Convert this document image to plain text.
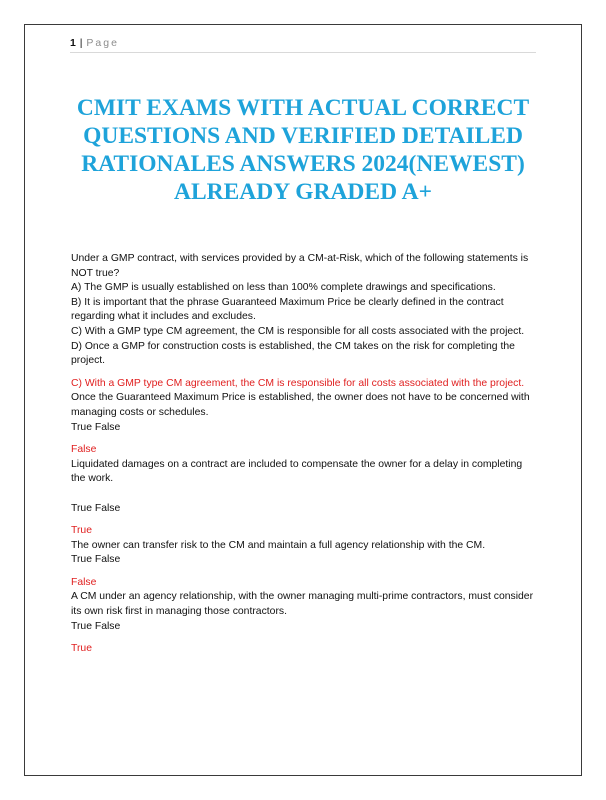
1 | Page
CMIT EXAMS WITH ACTUAL CORRECT QUESTIONS AND VERIFIED DETAILED RATIONALES ANSWERS 2024(NEWEST) ALREADY GRADED A+

Under a GMP contract, with services provided by a CM-at-Risk, which of the following statements is NOT true?

A) The GMP is usually established on less than 100% complete drawings and specifications.

B) It is important that the phrase Guaranteed Maximum Price be clearly defined in the contract regarding what it includes and excludes.

C) With a GMP type CM agreement, the CM is responsible for all costs associated with the project.

D) Once a GMP for construction costs is established, the CM takes on the risk for completing the project.

C) With a GMP type CM agreement, the CM is responsible for all costs associated with the project.

Once the Guaranteed Maximum Price is established, the owner does not have to be concerned with managing costs or schedules.

True False

False

Liquidated damages on a contract are included to compensate the owner for a delay in completing the work.

True False

True

The owner can transfer risk to the CM and maintain a full agency relationship with the CM.

True False

False

A CM under an agency relationship, with the owner managing multi-prime contractors, must consider its own risk first in managing those contractors.

True False

True
